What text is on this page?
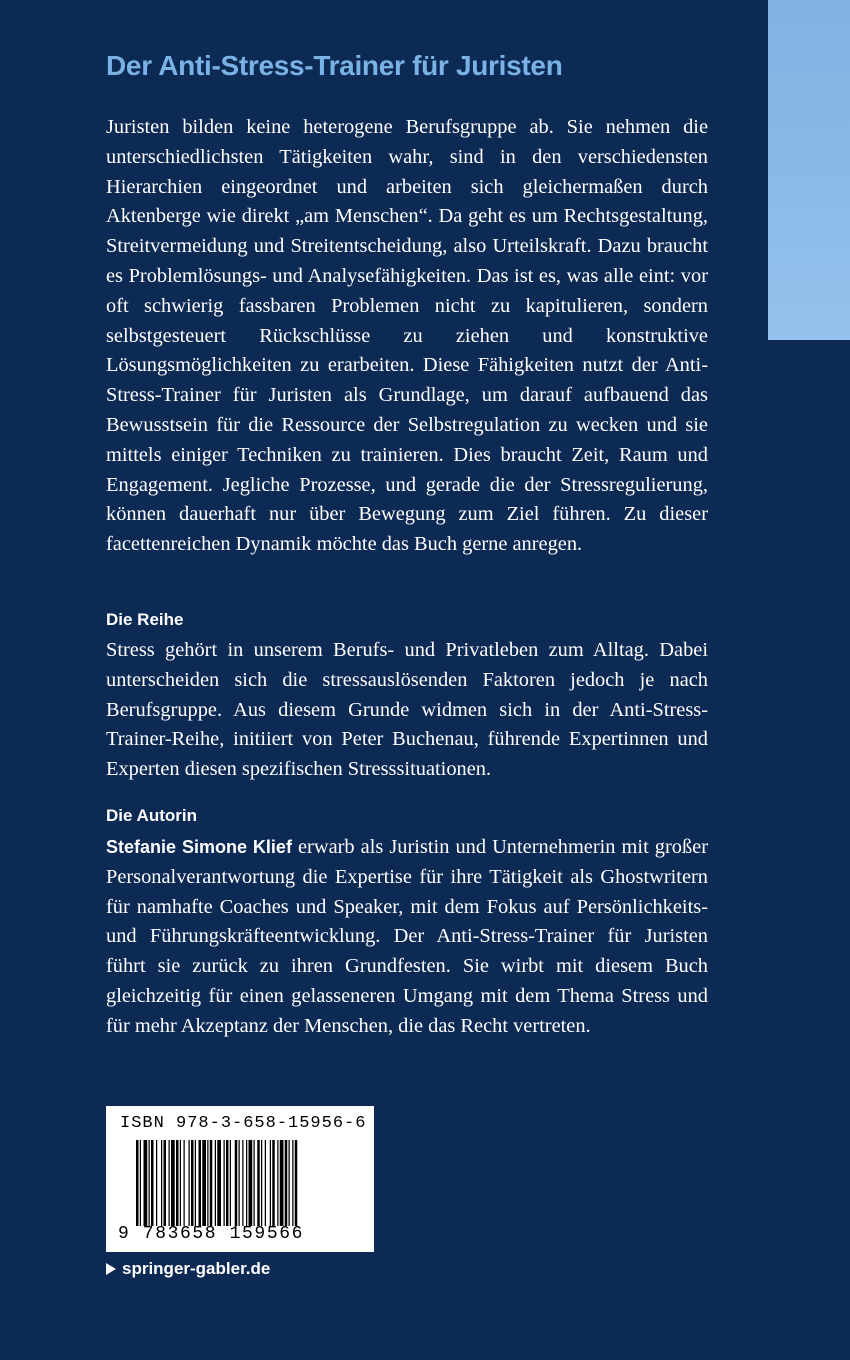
Der Anti-Stress-Trainer für Juristen

Juristen bilden keine heterogene Berufsgruppe ab. Sie nehmen die unterschiedlichsten Tätigkeiten wahr, sind in den verschiedensten Hierarchien eingeordnet und arbeiten sich gleichermaßen durch Aktenberge wie direkt „am Menschen“. Da geht es um Rechtsgestaltung, Streitvermeidung und Streitentscheidung, also Urteilskraft. Dazu braucht es Problemlösungs- und Analysefähigkeiten. Das ist es, was alle eint: vor oft schwierig fassbaren Problemen nicht zu kapitulieren, sondern selbstgesteuert Rückschlüsse zu ziehen und konstruktive Lösungsmöglichkeiten zu erarbeiten. Diese Fähigkeiten nutzt der Anti-Stress-Trainer für Juristen als Grundlage, um darauf aufbauend das Bewusstsein für die Ressource der Selbstregulation zu wecken und sie mittels einiger Techniken zu trainieren. Dies braucht Zeit, Raum und Engagement. Jegliche Prozesse, und gerade die der Stressregulierung, können dauerhaft nur über Bewegung zum Ziel führen. Zu dieser facettenreichen Dynamik möchte das Buch gerne anregen.

Die Reihe

Stress gehört in unserem Berufs- und Privatleben zum Alltag. Dabei unterscheiden sich die stressauslösenden Faktoren jedoch je nach Berufsgruppe. Aus diesem Grunde widmen sich in der Anti-Stress-Trainer-Reihe, initiiert von Peter Buchenau, führende Expertinnen und Experten diesen spezifischen Stresssituationen.

Die Autorin

Stefanie Simone Klief erwarb als Juristin und Unternehmerin mit großer Personalverantwortung die Expertise für ihre Tätigkeit als Ghostwritern für namhafte Coaches und Speaker, mit dem Fokus auf Persönlichkeits- und Führungskräfteentwicklung. Der Anti-Stress-Trainer für Juristen führt sie zurück zu ihren Grundfesten. Sie wirbt mit diesem Buch gleichzeitig für einen gelasseneren Umgang mit dem Thema Stress und für mehr Akzeptanz der Menschen, die das Recht vertreten.

ISBN 978-3-658-15956-6

9 783658 159566

springer-gabler.de
